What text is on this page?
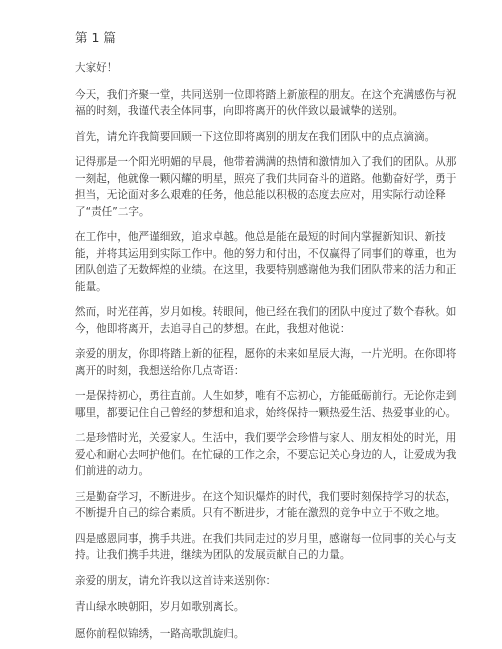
第 1 篇

大家好！

今天，我们齐聚一堂，共同送别一位即将踏上新旅程的朋友。在这个充满感伤与祝福的时刻，我谨代表全体同事，向即将离开的伙伴致以最诚挚的送别。

首先，请允许我简要回顾一下这位即将离别的朋友在我们团队中的点点滴滴。

记得那是一个阳光明媚的早晨，他带着满满的热情和激情加入了我们的团队。从那一刻起，他就像一颗闪耀的明星，照亮了我们共同奋斗的道路。他勤奋好学，勇于担当，无论面对多么艰难的任务，他总能以积极的态度去应对，用实际行动诠释了“责任”二字。

在工作中，他严谨细致，追求卓越。他总是能在最短的时间内掌握新知识、新技能，并将其运用到实际工作中。他的努力和付出，不仅赢得了同事们的尊重，也为团队创造了无数辉煌的业绩。在这里，我要特别感谢他为我们团队带来的活力和正能量。

然而，时光荏苒，岁月如梭。转眼间，他已经在我们的团队中度过了数个春秋。如今，他即将离开，去追寻自己的梦想。在此，我想对他说：

亲爱的朋友，你即将踏上新的征程，愿你的未来如星辰大海，一片光明。在你即将离开的时刻，我想送给你几点寄语：

一是保持初心，勇往直前。人生如梦，唯有不忘初心，方能砥砺前行。无论你走到哪里，都要记住自己曾经的梦想和追求，始终保持一颗热爱生活、热爱事业的心。

二是珍惜时光，关爱家人。生活中，我们要学会珍惜与家人、朋友相处的时光，用爱心和耐心去呵护他们。在忙碌的工作之余，不要忘记关心身边的人，让爱成为我们前进的动力。

三是勤奋学习，不断进步。在这个知识爆炸的时代，我们要时刻保持学习的状态，不断提升自己的综合素质。只有不断进步，才能在激烈的竞争中立于不败之地。

四是感恩同事，携手共进。在我们共同走过的岁月里，感谢每一位同事的关心与支持。让我们携手共进，继续为团队的发展贡献自己的力量。

亲爱的朋友，请允许我以这首诗来送别你：

青山绿水映朝阳，岁月如歌别离长。

愿你前程似锦绣，一路高歌凯旋归。
